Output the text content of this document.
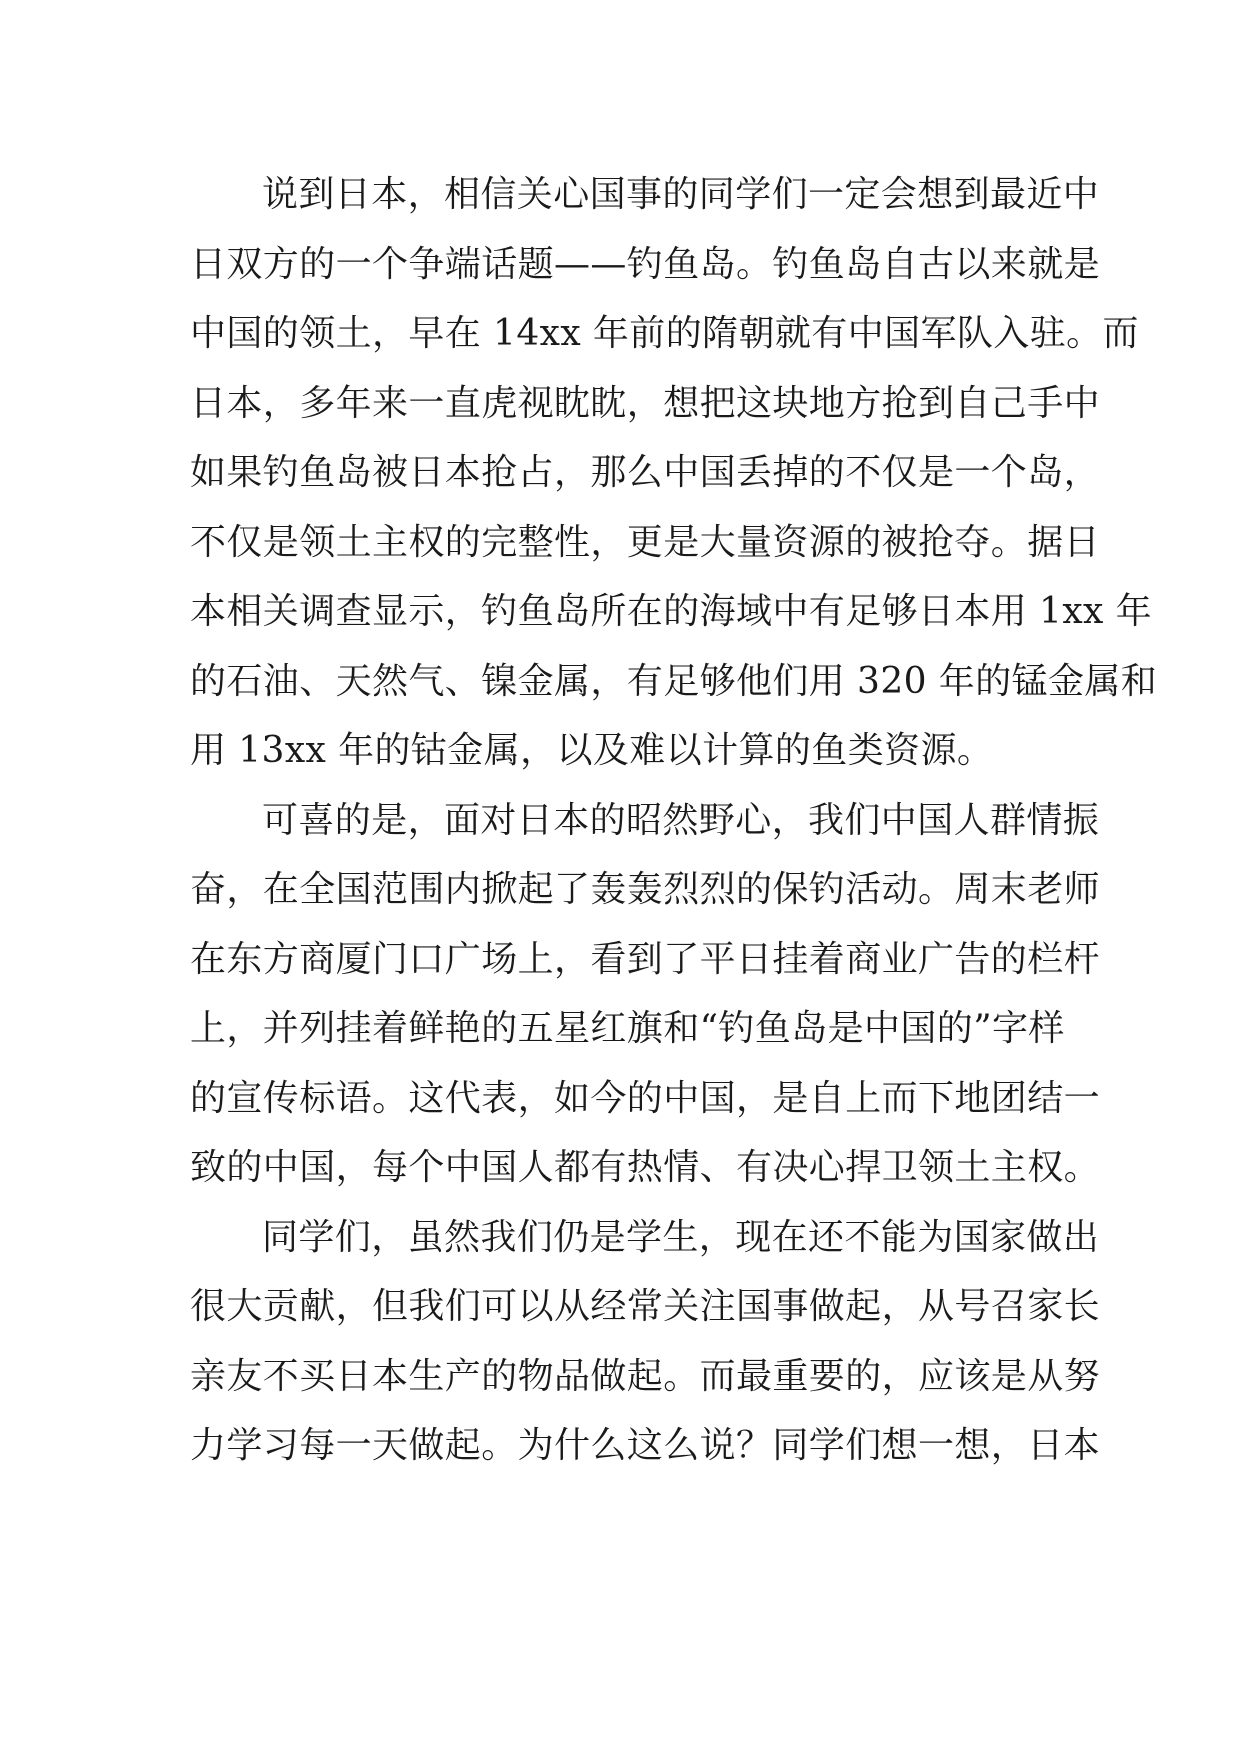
说到日本，相信关心国事的同学们一定会想到最近中
日双方的一个争端话题——钓鱼岛。钓鱼岛自古以来就是
中国的领土，早在 14xx 年前的隋朝就有中国军队入驻。而
日本，多年来一直虎视眈眈，想把这块地方抢到自己手中
如果钓鱼岛被日本抢占，那么中国丢掉的不仅是一个岛，
不仅是领土主权的完整性，更是大量资源的被抢夺。据日
本相关调查显示，钓鱼岛所在的海域中有足够日本用 1xx 年
的石油、天然气、镍金属，有足够他们用 320 年的锰金属和
用 13xx 年的钴金属，以及难以计算的鱼类资源。
可喜的是，面对日本的昭然野心，我们中国人群情振
奋，在全国范围内掀起了轰轰烈烈的保钓活动。周末老师
在东方商厦门口广场上，看到了平日挂着商业广告的栏杆
上，并列挂着鲜艳的五星红旗和“钓鱼岛是中国的”字样
的宣传标语。这代表，如今的中国，是自上而下地团结一
致的中国，每个中国人都有热情、有决心捍卫领土主权。
同学们，虽然我们仍是学生，现在还不能为国家做出
很大贡献，但我们可以从经常关注国事做起，从号召家长
亲友不买日本生产的物品做起。而最重要的，应该是从努
力学习每一天做起。为什么这么说？同学们想一想，日本
